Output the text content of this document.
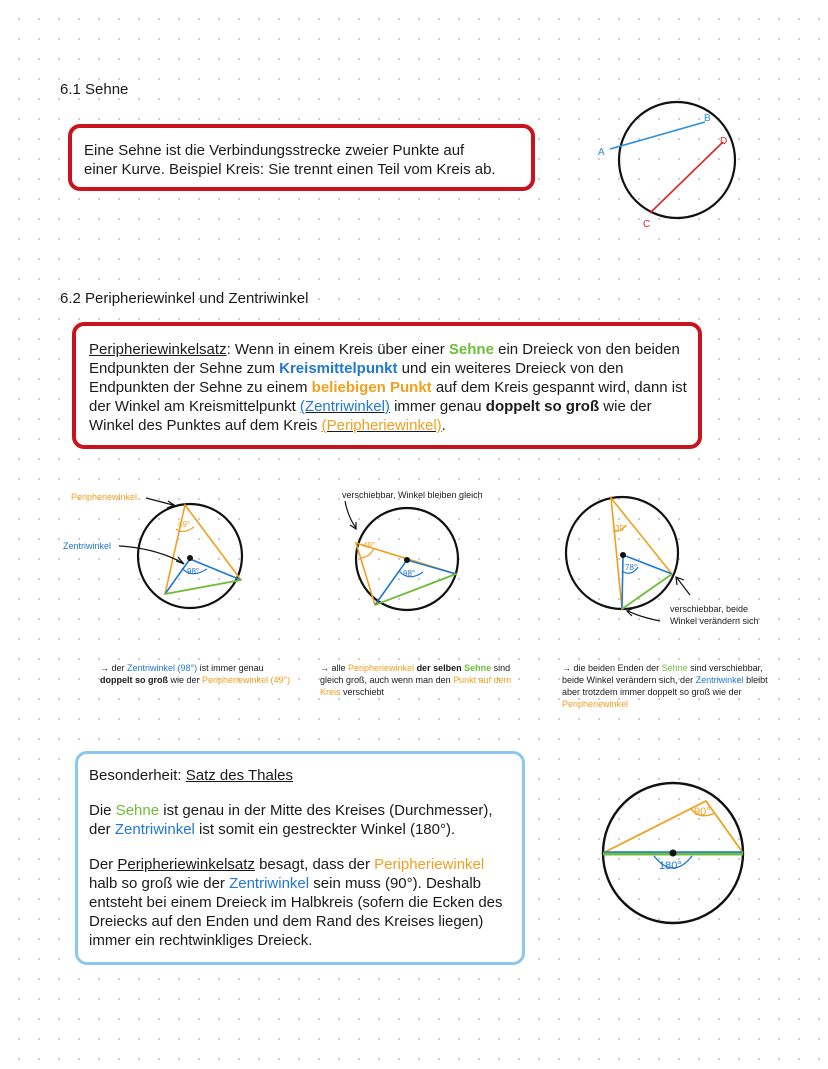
6.1 Sehne
Eine Sehne ist die Verbindungsstrecke zweier Punkte auf
einer Kurve. Beispiel Kreis: Sie trennt einen Teil vom Kreis ab.
A
B
C
D
6.2 Peripheriewinkel und Zentriwinkel

Peripheriewinkelsatz: Wenn in einem Kreis über einer Sehne ein Dreieck von den beiden Endpunkten der Sehne zum Kreismittelpunkt und ein weiteres Dreieck von den Endpunkten der Sehne zu einem beliebigen Punkt auf dem Kreis gespannt wird, dann ist der Winkel am Kreismittelpunkt (Zentriwinkel) immer genau doppelt so groß wie der Winkel des Punktes auf dem Kreis (Peripheriewinkel).

49°
98°
Peripheriewinkel
Zentriwinkel	49°
98°
verschiebbar, Winkel bleiben gleich
39°
78°
verschiebbar, beide
Winkel verändern sich

→ der Zentriwinkel (98°) ist immer genau doppelt so groß wie der Peripheriewinkel (49°)

→ alle Peripheriewinkel der selben Sehne sind gleich groß, auch wenn man den Punkt auf dem Kreis verschiebt

→ die beiden Enden der Sehne sind verschiebbar, beide Winkel verändern sich, der Zentriwinkel bleibt aber trotzdem immer doppelt so groß wie der Peripheriewinkel

Besonderheit: Satz des Thales

Die Sehne ist genau in der Mitte des Kreises (Durchmesser),
der Zentriwinkel ist somit ein gestreckter Winkel (180°).

Der Peripheriewinkelsatz besagt, dass der Peripheriewinkel
halb so groß wie der Zentriwinkel sein muss (90°). Deshalb entsteht bei einem Dreieck im Halbkreis (sofern die Ecken des Dreiecks auf den Enden und dem Rand des Kreises liegen) immer ein rechtwinkliges Dreieck.

180°
90°
